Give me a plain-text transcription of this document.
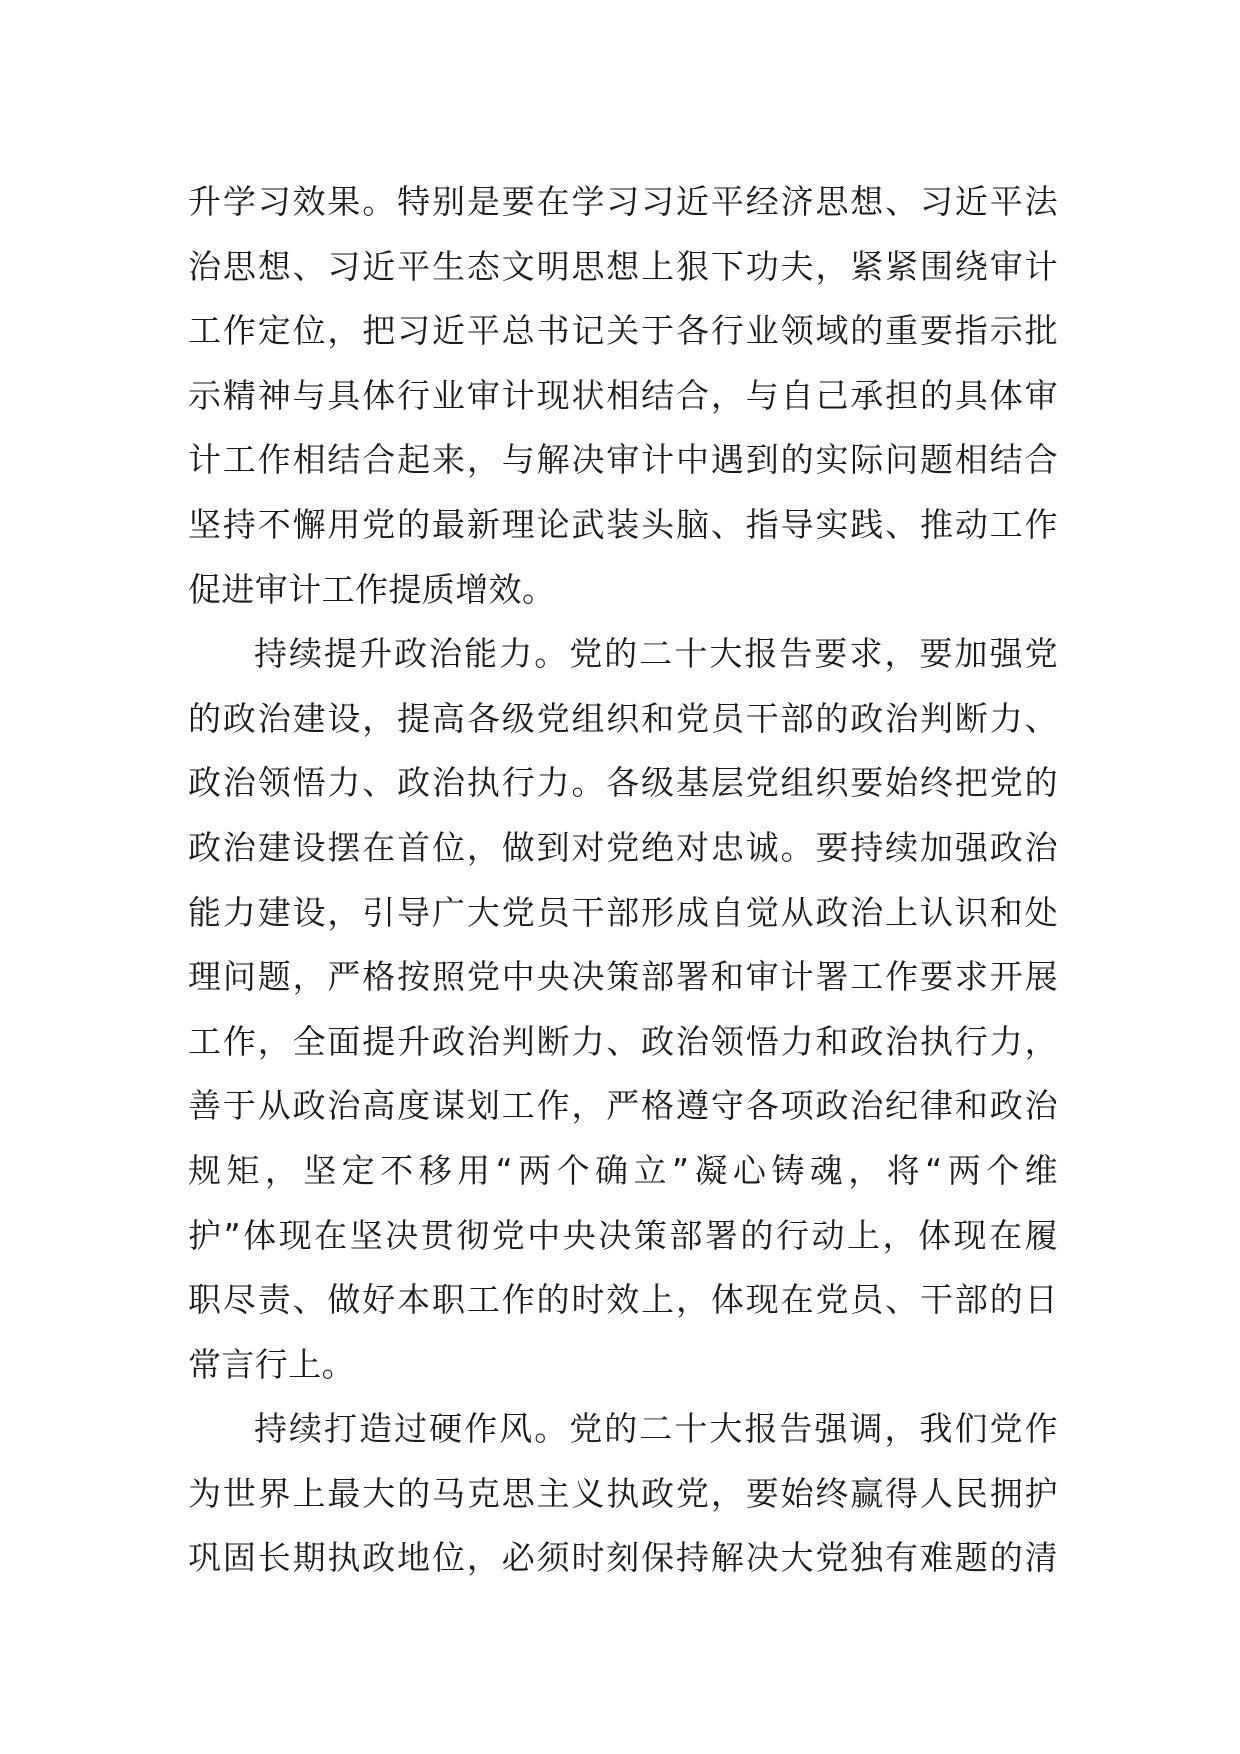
升学习效果。特别是要在学习习近平经济思想、习近平法
治思想、习近平生态文明思想上狠下功夫，紧紧围绕审计
工作定位，把习近平总书记关于各行业领域的重要指示批
示精神与具体行业审计现状相结合，与自己承担的具体审
计工作相结合起来，与解决审计中遇到的实际问题相结合
坚持不懈用党的最新理论武装头脑、指导实践、推动工作
促进审计工作提质增效。
持续提升政治能力。党的二十大报告要求，要加强党
的政治建设，提高各级党组织和党员干部的政治判断力、
政治领悟力、政治执行力。各级基层党组织要始终把党的
政治建设摆在首位，做到对党绝对忠诚。要持续加强政治
能力建设，引导广大党员干部形成自觉从政治上认识和处
理问题，严格按照党中央决策部署和审计署工作要求开展
工作，全面提升政治判断力、政治领悟力和政治执行力，
善于从政治高度谋划工作，严格遵守各项政治纪律和政治
规矩，坚定不移用“两个确立”凝心铸魂，将“两个维
护”体现在坚决贯彻党中央决策部署的行动上，体现在履
职尽责、做好本职工作的时效上，体现在党员、干部的日
常言行上。
持续打造过硬作风。党的二十大报告强调，我们党作
为世界上最大的马克思主义执政党，要始终赢得人民拥护
巩固长期执政地位，必须时刻保持解决大党独有难题的清
